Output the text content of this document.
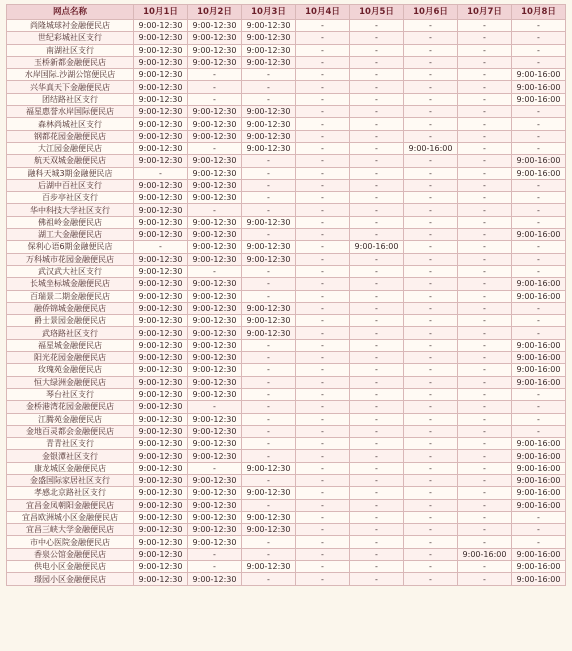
网点名称	10月1日	10月2日	10月3日	10月4日	10月5日	10月6日	10月7日	10月8日
尚隆城球衬金融便民店	9:00-12:30	9:00-12:30	9:00-12:30	-	-	-	-	-
世纪彩城社区支行	9:00-12:30	9:00-12:30	9:00-12:30	-	-	-	-	-
南湖社区支行	9:00-12:30	9:00-12:30	9:00-12:30	-	-	-	-	-
玉桥新都金融便民店	9:00-12:30	9:00-12:30	9:00-12:30	-	-	-	-	-
水岸国际.沙湖公馆便民店	9:00-12:30	-	-	-	-	-	-	9:00-16:00
兴华真天下金融便民店	9:00-12:30	-	-	-	-	-	-	9:00-16:00
团结路社区支行	9:00-12:30	-	-	-	-	-	-	9:00-16:00
福星惠誉水岸国际便民店	9:00-12:30	9:00-12:30	9:00-12:30	-	-	-	-	-
森林尚城社区支行	9:00-12:30	9:00-12:30	9:00-12:30	-	-	-	-	-
钢都花园金融便民店	9:00-12:30	9:00-12:30	9:00-12:30	-	-	-	-	-
大江园金融便民店	9:00-12:30	-	9:00-12:30	-	-	9:00-16:00	-	-
航天双城金融便民店	9:00-12:30	9:00-12:30	-	-	-	-	-	9:00-16:00
融科天城3期金融便民店	-	9:00-12:30	-	-	-	-	-	9:00-16:00
后湖中百社区支行	9:00-12:30	9:00-12:30	-	-	-	-	-	-
百步亭社区支行	9:00-12:30	9:00-12:30	-	-	-	-	-	-
华中科技大学社区支行	9:00-12:30	-	-	-	-	-	-	-
佛祖岭金融便民店	9:00-12:30	9:00-12:30	9:00-12:30	-	-	-	-	-
湖工大金融便民店	9:00-12:30	9:00-12:30	-	-	-	-	-	9:00-16:00
保利心语6期金融便民店	-	9:00-12:30	9:00-12:30	-	9:00-16:00	-	-	-
万科城市花园金融便民店	9:00-12:30	9:00-12:30	9:00-12:30	-	-	-	-	-
武汉武大社区支行	9:00-12:30	-	-	-	-	-	-	-
长城坐标城金融便民店	9:00-12:30	9:00-12:30	-	-	-	-	-	9:00-16:00
百瑞景二期金融便民店	9:00-12:30	9:00-12:30	-	-	-	-	-	9:00-16:00
融侨锦城金融便民店	9:00-12:30	9:00-12:30	9:00-12:30	-	-	-	-	-
爵士景园金融便民店	9:00-12:30	9:00-12:30	9:00-12:30	-	-	-	-	-
武珞路社区支行	9:00-12:30	9:00-12:30	9:00-12:30	-	-	-	-	-
福星城金融便民店	9:00-12:30	9:00-12:30	-	-	-	-	-	9:00-16:00
阳光花园金融便民店	9:00-12:30	9:00-12:30	-	-	-	-	-	9:00-16:00
玫瑰苑金融便民店	9:00-12:30	9:00-12:30	-	-	-	-	-	9:00-16:00
恒大绿洲金融便民店	9:00-12:30	9:00-12:30	-	-	-	-	-	9:00-16:00
琴台社区支行	9:00-12:30	9:00-12:30	-	-	-	-	-	-
金桥港湾花园金融便民店	9:00-12:30	-	-	-	-	-	-	-
江腾苑金融便民店	9:00-12:30	9:00-12:30	-	-	-	-	-	-
金地百灵都会金融便民店	9:00-12:30	9:00-12:30	-	-	-	-	-	-
青青社区支行	9:00-12:30	9:00-12:30	-	-	-	-	-	9:00-16:00
金银潭社区支行	9:00-12:30	9:00-12:30	-	-	-	-	-	9:00-16:00
康龙城区金融便民店	9:00-12:30	-	9:00-12:30	-	-	-	-	9:00-16:00
金盛国际家居社区支行	9:00-12:30	9:00-12:30	-	-	-	-	-	9:00-16:00
孝感北京路社区支行	9:00-12:30	9:00-12:30	9:00-12:30	-	-	-	-	9:00-16:00
宜昌金凤朝阳金融便民店	9:00-12:30	9:00-12:30	-	-	-	-	-	9:00-16:00
宜昌欧洲城小区金融便民店	9:00-12:30	9:00-12:30	9:00-12:30	-	-	-	-	-
宜昌三峡大学金融便民店	9:00-12:30	9:00-12:30	9:00-12:30	-	-	-	-	-
市中心医院金融便民店	9:00-12:30	9:00-12:30	-	-	-	-	-	-
香泉公馆金融便民店	9:00-12:30	-	-	-	-	-	9:00-16:00	9:00-16:00
供电小区金融便民店	9:00-12:30	-	9:00-12:30	-	-	-	-	9:00-16:00
璟园小区金融便民店	9:00-12:30	9:00-12:30	-	-	-	-	-	9:00-16:00
